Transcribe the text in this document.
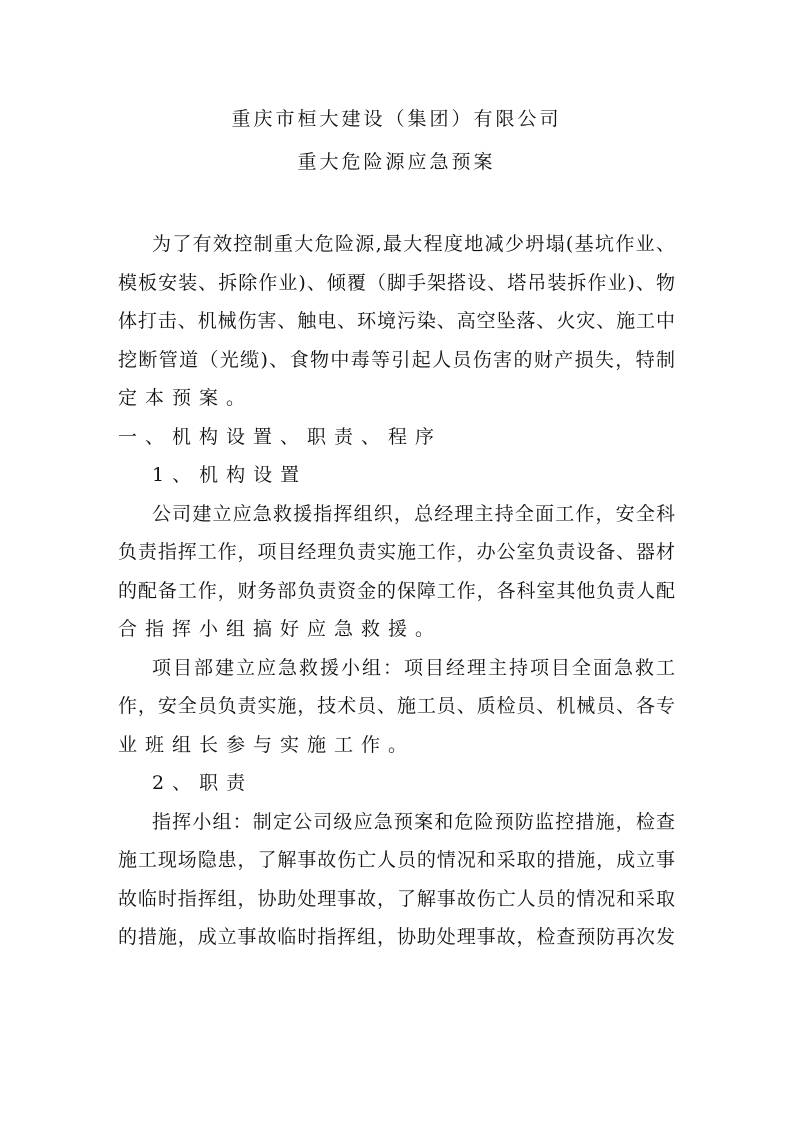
重庆市桓大建设（集团）有限公司
重大危险源应急预案
为了有效控制重大危险源,最大程度地减少坍塌(基坑作业、
模板安装、拆除作业)、倾覆（脚手架搭设、塔吊装拆作业)、物
体打击、机械伤害、触电、环境污染、高空坠落、火灾、施工中
挖断管道（光缆)、食物中毒等引起人员伤害的财产损失，特制
定本预案。
一、机构设置、职责、程序
1、机构设置
公司建立应急救援指挥组织，总经理主持全面工作，安全科
负责指挥工作，项目经理负责实施工作，办公室负责设备、器材
的配备工作，财务部负责资金的保障工作，各科室其他负责人配
合指挥小组搞好应急救援。
项目部建立应急救援小组：项目经理主持项目全面急救工
作，安全员负责实施，技术员、施工员、质检员、机械员、各专
业班组长参与实施工作。
2、职责
指挥小组：制定公司级应急预案和危险预防监控措施，检查
施工现场隐患，了解事故伤亡人员的情况和采取的措施，成立事
故临时指挥组，协助处理事故，了解事故伤亡人员的情况和采取
的措施，成立事故临时指挥组，协助处理事故，检查预防再次发
